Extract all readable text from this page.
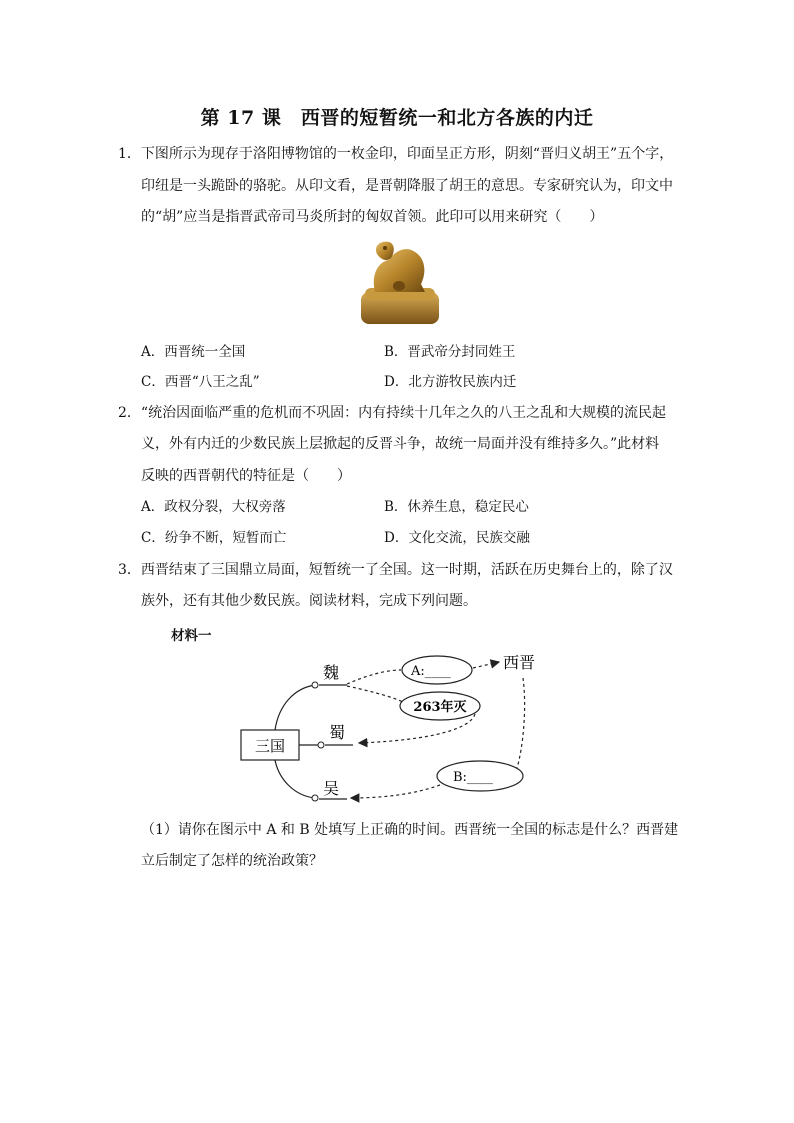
第 17 课　西晋的短暂统一和北方各族的内迁
1．下图所示为现存于洛阳博物馆的一枚金印，印面呈正方形，阴刻“晋归义胡王”五个字，
印纽是一头跪卧的骆驼。从印文看，是晋朝降服了胡王的意思。专家研究认为，印文中
的“胡”应当是指晋武帝司马炎所封的匈奴首领。此印可以用来研究（　　）
A．西晋统一全国	B．晋武帝分封同姓王
C．西晋“八王之乱”	D．北方游牧民族内迁
2．“统治因面临严重的危机而不巩固：内有持续十几年之久的八王之乱和大规模的流民起
义，外有内迁的少数民族上层掀起的反晋斗争，故统一局面并没有维持多久。”此材料
反映的西晋朝代的特征是（　　）
A．政权分裂，大权旁落	B．休养生息，稳定民心
C．纷争不断，短暂而亡	D．文化交流，民族交融
3．西晋结束了三国鼎立局面，短暂统一了全国。这一时期，活跃在历史舞台上的，除了汉
族外，还有其他少数民族。阅读材料，完成下列问题。
材料一
三国
魏
蜀
吴
A:____	西晋
263年灭
B:____
（1）请你在图示中 A 和 B 处填写上正确的时间。西晋统一全国的标志是什么？西晋建
立后制定了怎样的统治政策？
